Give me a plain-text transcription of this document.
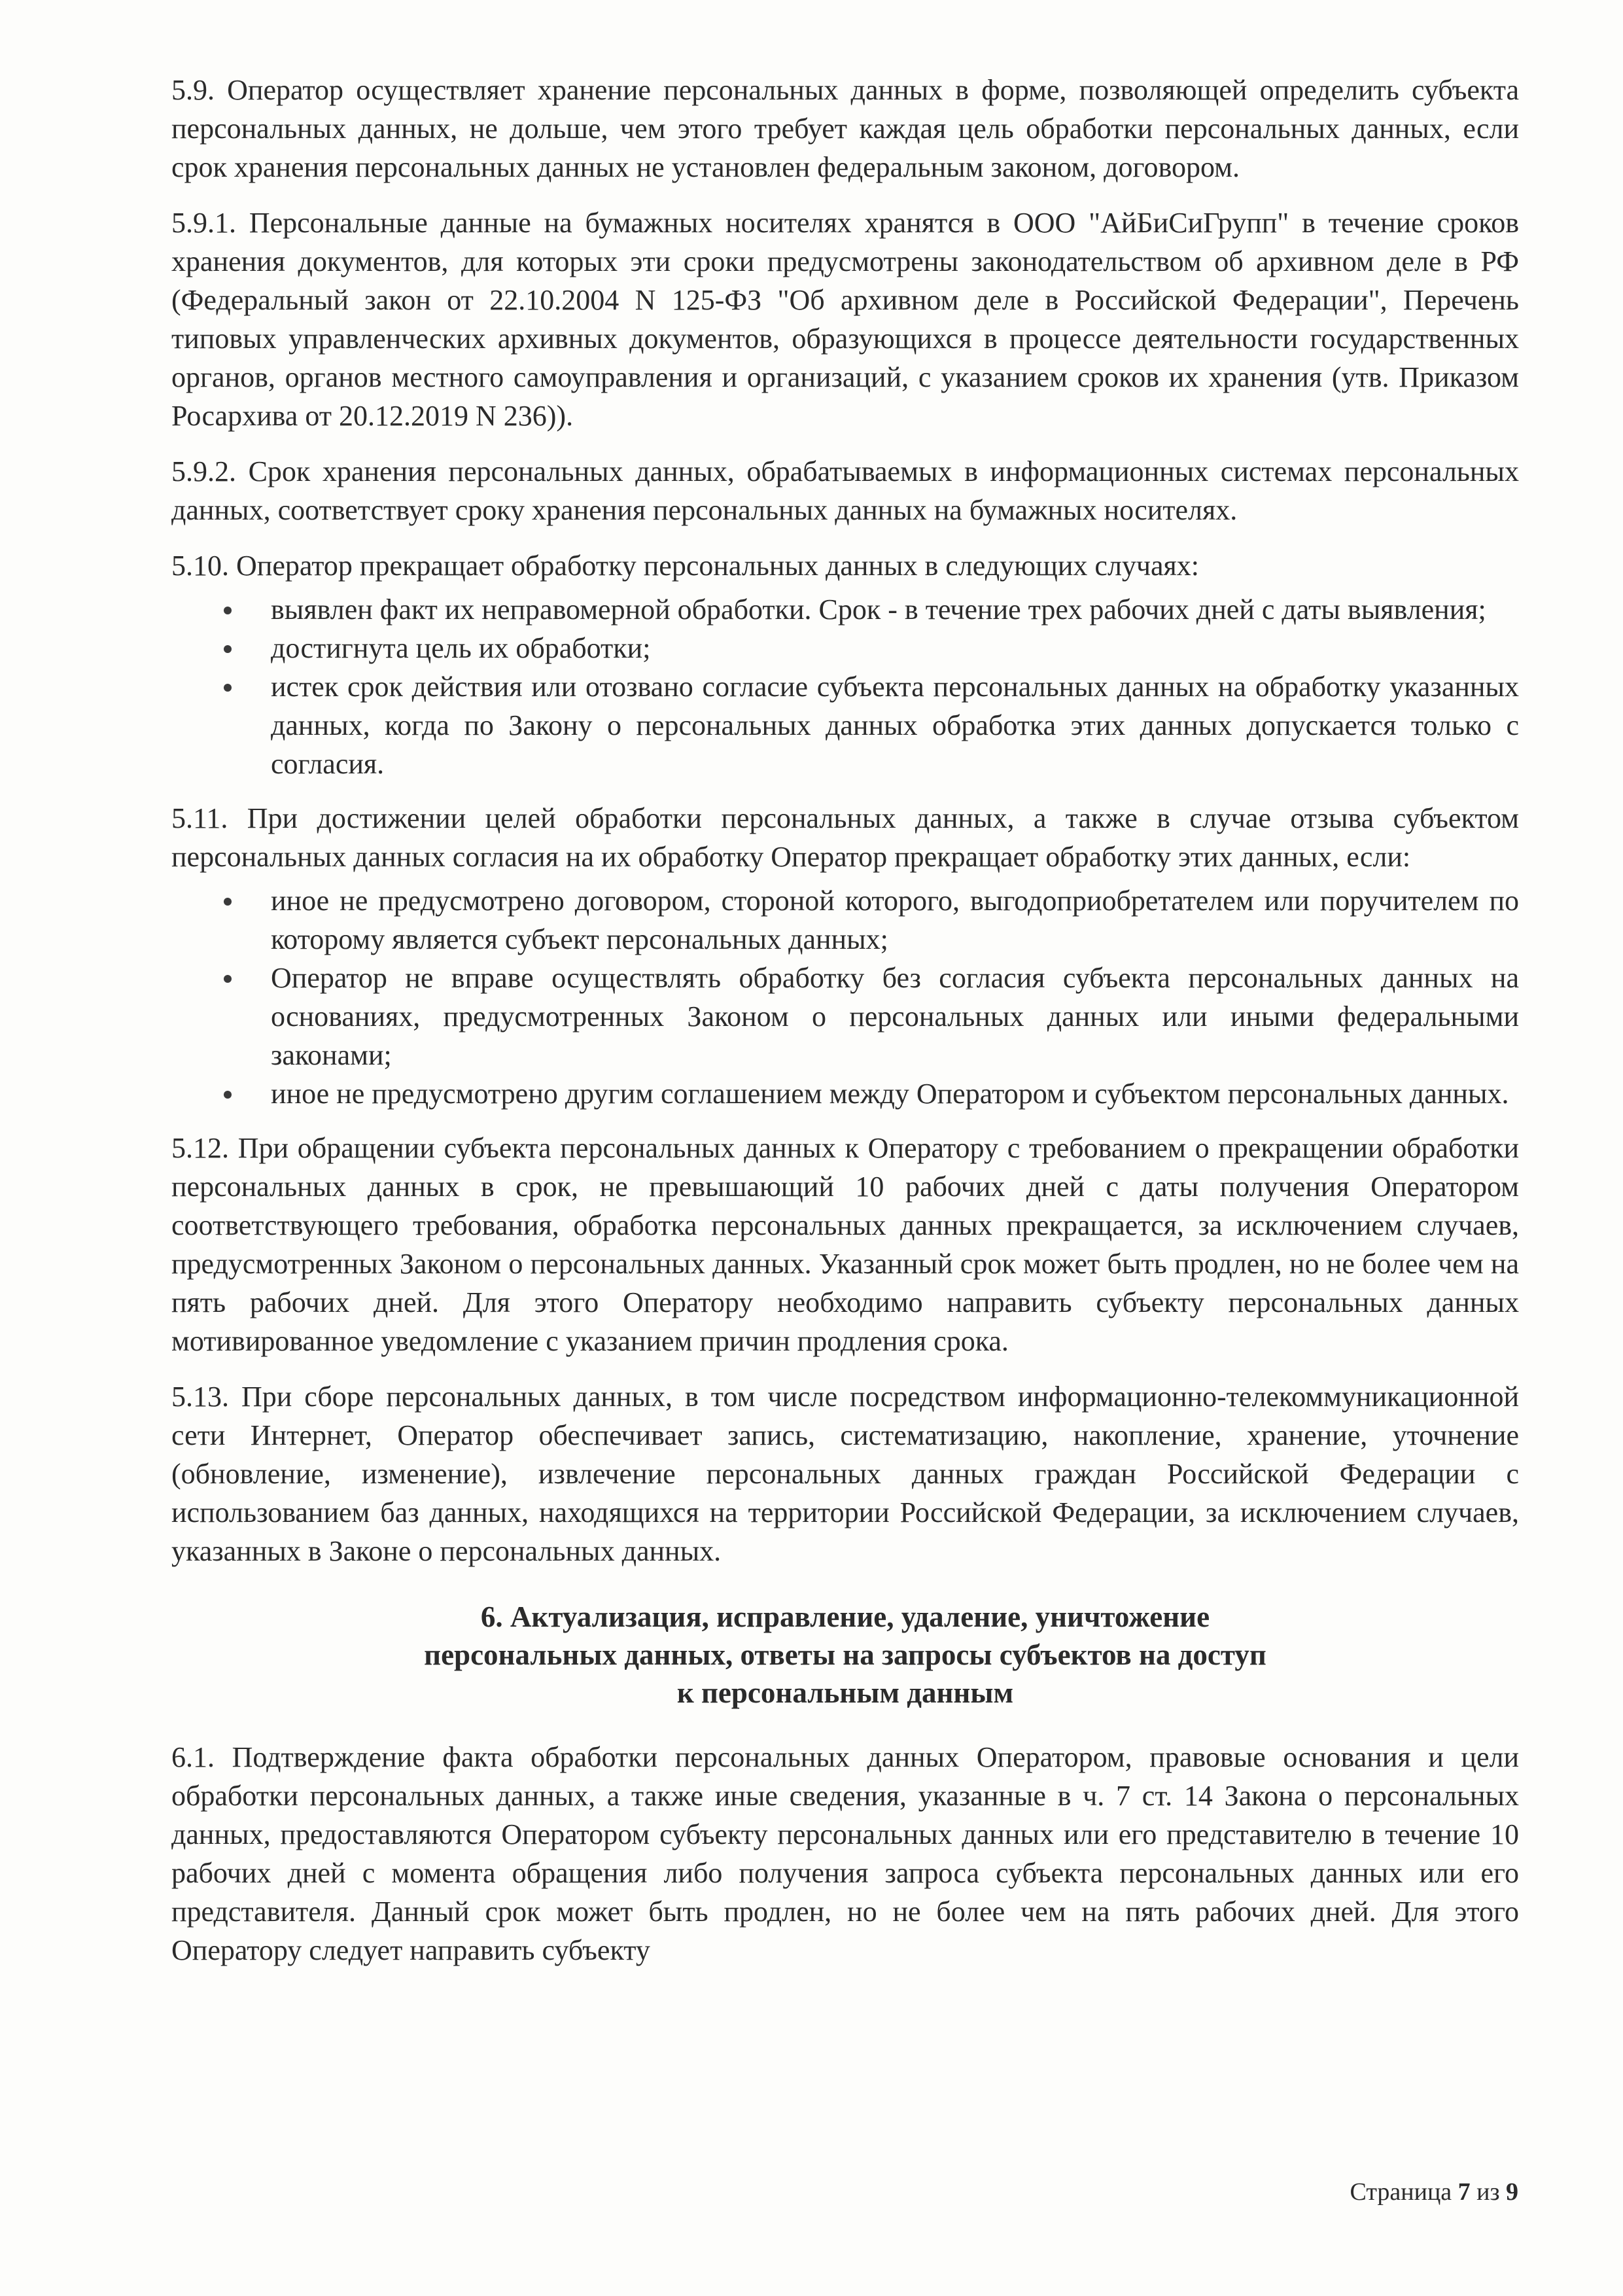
5.9. Оператор осуществляет хранение персональных данных в форме, позволяющей определить субъекта персональных данных, не дольше, чем этого требует каждая цель обработки персональных данных, если срок хранения персональных данных не установлен федеральным законом, договором.

5.9.1. Персональные данные на бумажных носителях хранятся в ООО "АйБиСиГрупп" в течение сроков хранения документов, для которых эти сроки предусмотрены законодательством об архивном деле в РФ (Федеральный закон от 22.10.2004 N 125-ФЗ "Об архивном деле в Российской Федерации", Перечень типовых управленческих архивных документов, образующихся в процессе деятельности государственных органов, органов местного самоуправления и организаций, с указанием сроков их хранения (утв. Приказом Росархива от 20.12.2019 N 236)).

5.9.2. Срок хранения персональных данных, обрабатываемых в информационных системах персональных данных, соответствует сроку хранения персональных данных на бумажных носителях.

5.10. Оператор прекращает обработку персональных данных в следующих случаях:

выявлен факт их неправомерной обработки. Срок - в течение трех рабочих дней с даты выявления;
достигнута цель их обработки;
истек срок действия или отозвано согласие субъекта персональных данных на обработку указанных данных, когда по Закону о персональных данных обработка этих данных допускается только с согласия.

5.11. При достижении целей обработки персональных данных, а также в случае отзыва субъектом персональных данных согласия на их обработку Оператор прекращает обработку этих данных, если:

иное не предусмотрено договором, стороной которого, выгодоприобретателем или поручителем по которому является субъект персональных данных;
Оператор не вправе осуществлять обработку без согласия субъекта персональных данных на основаниях, предусмотренных Законом о персональных данных или иными федеральными законами;
иное не предусмотрено другим соглашением между Оператором и субъектом персональных данных.

5.12. При обращении субъекта персональных данных к Оператору с требованием о прекращении обработки персональных данных в срок, не превышающий 10 рабочих дней с даты получения Оператором соответствующего требования, обработка персональных данных прекращается, за исключением случаев, предусмотренных Законом о персональных данных. Указанный срок может быть продлен, но не более чем на пять рабочих дней. Для этого Оператору необходимо направить субъекту персональных данных мотивированное уведомление с указанием причин продления срока.

5.13. При сборе персональных данных, в том числе посредством информационно-телекоммуникационной сети Интернет, Оператор обеспечивает запись, систематизацию, накопление, хранение, уточнение (обновление, изменение), извлечение персональных данных граждан Российской Федерации с использованием баз данных, находящихся на территории Российской Федерации, за исключением случаев, указанных в Законе о персональных данных.

6. Актуализация, исправление, удаление, уничтожение
персональных данных, ответы на запросы субъектов на доступ
к персональным данным

6.1. Подтверждение факта обработки персональных данных Оператором, правовые основания и цели обработки персональных данных, а также иные сведения, указанные в ч. 7 ст. 14 Закона о персональных данных, предоставляются Оператором субъекту персональных данных или его представителю в течение 10 рабочих дней с момента обращения либо получения запроса субъекта персональных данных или его представителя. Данный срок может быть продлен, но не более чем на пять рабочих дней. Для этого Оператору следует направить субъекту

Страница 7 из 9
